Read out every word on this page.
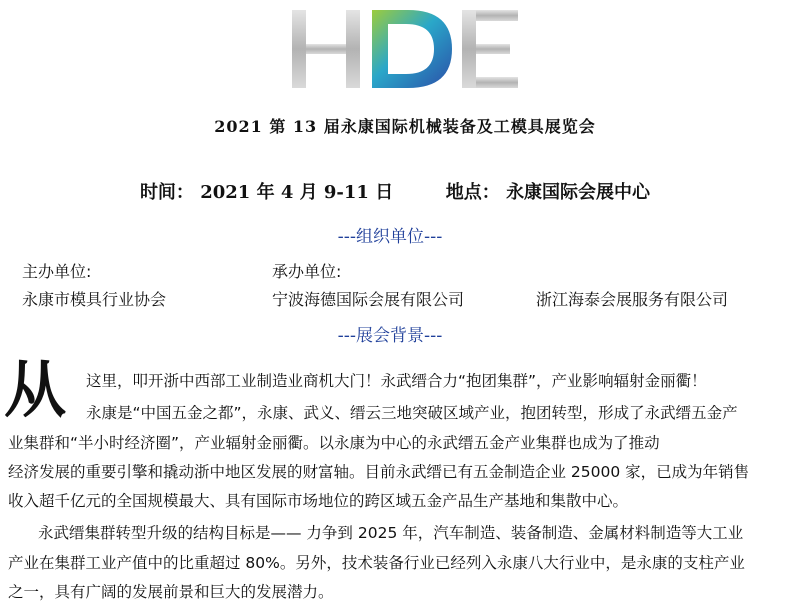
2021 第 13 届永康国际机械装备及工模具展览会
时间： 2021 年 4 月 9-11 日	地点： 永康国际会展中心
---组织单位---
主办单位:
永康市模具行业协会
承办单位:
宁波海德国际会展有限公司	浙江海泰会展服务有限公司
---展会背景---
从 这里，叩开浙中西部工业制造业商机大门！永武缙合力“抱团集群”，产业影响辐射金丽衢！
永康是“中国五金之都”，永康、武义、缙云三地突破区域产业，抱团转型，形成了永武缙五金产
业集群和“半小时经济圈”，产业辐射金丽衢。以永康为中心的永武缙五金产业集群也成为了推动
经济发展的重要引擎和撬动浙中地区发展的财富轴。目前永武缙已有五金制造企业 25000 家，已成为年销售
收入超千亿元的全国规模最大、具有国际市场地位的跨区域五金产品生产基地和集散中心。
永武缙集群转型升级的结构目标是—— 力争到 2025 年，汽车制造、装备制造、金属材料制造等大工业
产业在集群工业产值中的比重超过 80%。另外，技术装备行业已经列入永康八大行业中，是永康的支柱产业
之一，具有广阔的发展前景和巨大的发展潜力。
